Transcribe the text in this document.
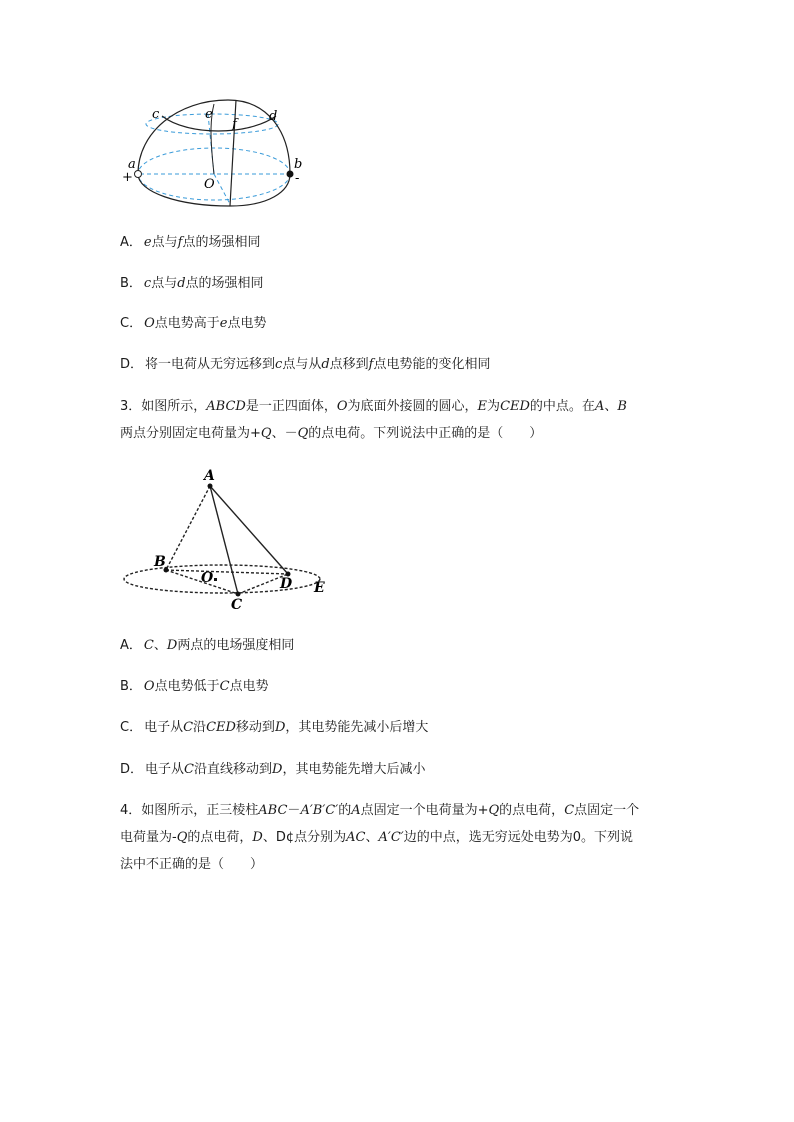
c	e
f
d
a	b
O
+	-
A． e点与f点的场强相同
B． c点与d点的场强相同
C． O点电势高于e点电势
D． 将一电荷从无穷远移到c点与从d点移到f点电势能的变化相同
3．如图所示，ABCD是一正四面体，O为底面外接圆的圆心，E为CED的中点。在A、B
两点分别固定电荷量为+Q、－Q的点电荷。下列说法中正确的是（　　）
A
B
O
C
D E
A． C、D两点的电场强度相同
B． O点电势低于C点电势
C． 电子从C沿CED移动到D，其电势能先减小后增大
D． 电子从C沿直线移动到D，其电势能先增大后减小
4．如图所示，正三棱柱ABC－A′B′C′的A点固定一个电荷量为+Q的点电荷，C点固定一个
电荷量为-Q的点电荷，D、D¢点分别为AC、A′C′边的中点，选无穷远处电势为0。下列说
法中不正确的是（　　）
